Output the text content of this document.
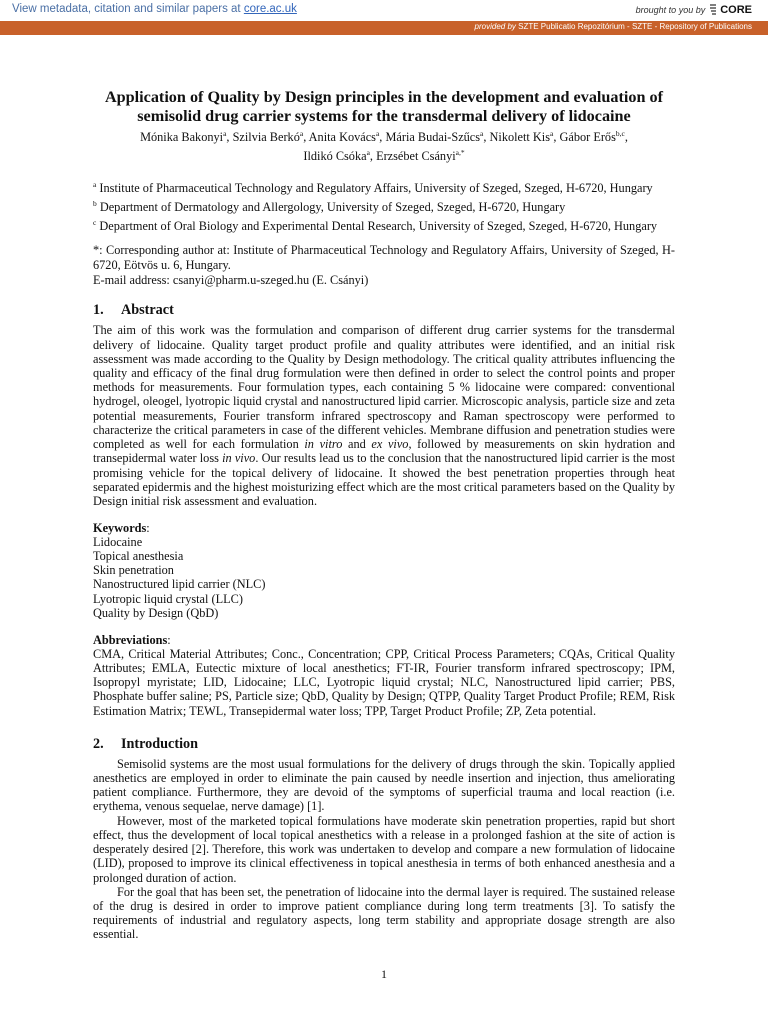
View metadata, citation and similar papers at core.ac.uk	brought to you by CORE
provided by SZTE Publicatio Repozitórium - SZTE - Repository of Publications
Application of Quality by Design principles in the development and evaluation of
semisolid drug carrier systems for the transdermal delivery of lidocaine
Mónika Bakonyi$^a$, Szilvia Berkó$^a$, Anita Kovács$^a$, Mária Budai-Szűcs$^a$, Nikolett Kis$^a$, Gábor Erős$^{b,c}$,
Ildikó Csóka$^a$, Erzsébet Csányi$^{a,*}$
$^a$ Institute of Pharmaceutical Technology and Regulatory Affairs, University of Szeged, Szeged, H-6720, Hungary
$^b$ Department of Dermatology and Allergology, University of Szeged, Szeged, H-6720, Hungary
$^c$ Department of Oral Biology and Experimental Dental Research, University of Szeged, Szeged, H-6720, Hungary
*: Corresponding author at: Institute of Pharmaceutical Technology and Regulatory Affairs, University of Szeged, H-6720, Eötvös u. 6, Hungary.
E-mail address: csanyi@pharm.u-szeged.hu (E. Csányi)
1. Abstract

The aim of this work was the formulation and comparison of different drug carrier systems for the transdermal delivery of lidocaine. Quality target product profile and quality attributes were identified, and an initial risk assessment was made according to the Quality by Design methodology. The critical quality attributes influencing the quality and efficacy of the final drug formulation were then defined in order to select the control points and proper methods for measurements. Four formulation types, each containing 5 % lidocaine were compared: conventional hydrogel, oleogel, lyotropic liquid crystal and nanostructured lipid carrier. Microscopic analysis, particle size and zeta potential measurements, Fourier transform infrared spectroscopy and Raman spectroscopy were performed to characterize the critical parameters in case of the different vehicles. Membrane diffusion and penetration studies were completed as well for each formulation in vitro and ex vivo, followed by measurements on skin hydration and transepidermal water loss in vivo. Our results lead us to the conclusion that the nanostructured lipid carrier is the most promising vehicle for the topical delivery of lidocaine. It showed the best penetration properties through heat separated epidermis and the highest moisturizing effect which are the most critical parameters based on the Quality by Design initial risk assessment and evaluation.

Keywords:
Lidocaine
Topical anesthesia
Skin penetration
Nanostructured lipid carrier (NLC)
Lyotropic liquid crystal (LLC)
Quality by Design (QbD)
Abbreviations:

CMA, Critical Material Attributes; Conc., Concentration; CPP, Critical Process Parameters; CQAs, Critical Quality Attributes; EMLA, Eutectic mixture of local anesthetics; FT-IR, Fourier transform infrared spectroscopy; IPM, Isopropyl myristate; LID, Lidocaine; LLC, Lyotropic liquid crystal; NLC, Nanostructured lipid carrier; PBS, Phosphate buffer saline; PS, Particle size; QbD, Quality by Design; QTPP, Quality Target Product Profile; REM, Risk Estimation Matrix; TEWL, Transepidermal water loss; TPP, Target Product Profile; ZP, Zeta potential.

2. Introduction

Semisolid systems are the most usual formulations for the delivery of drugs through the skin. Topically applied anesthetics are employed in order to eliminate the pain caused by needle insertion and injection, thus ameliorating patient compliance. Furthermore, they are devoid of the symptoms of superficial trauma and local reaction (i.e. erythema, venous sequelae, nerve damage) [1].

However, most of the marketed topical formulations have moderate skin penetration properties, rapid but short effect, thus the development of local topical anesthetics with a release in a prolonged fashion at the site of action is desperately desired [2]. Therefore, this work was undertaken to develop and compare a new formulation of lidocaine (LID), proposed to improve its clinical effectiveness in topical anesthesia in terms of both enhanced anesthesia and a prolonged duration of action.

For the goal that has been set, the penetration of lidocaine into the dermal layer is required. The sustained release of the drug is desired in order to improve patient compliance during long term treatments [3]. To satisfy the requirements of industrial and regulatory aspects, long term stability and appropriate dosage strength are also essential.

1
